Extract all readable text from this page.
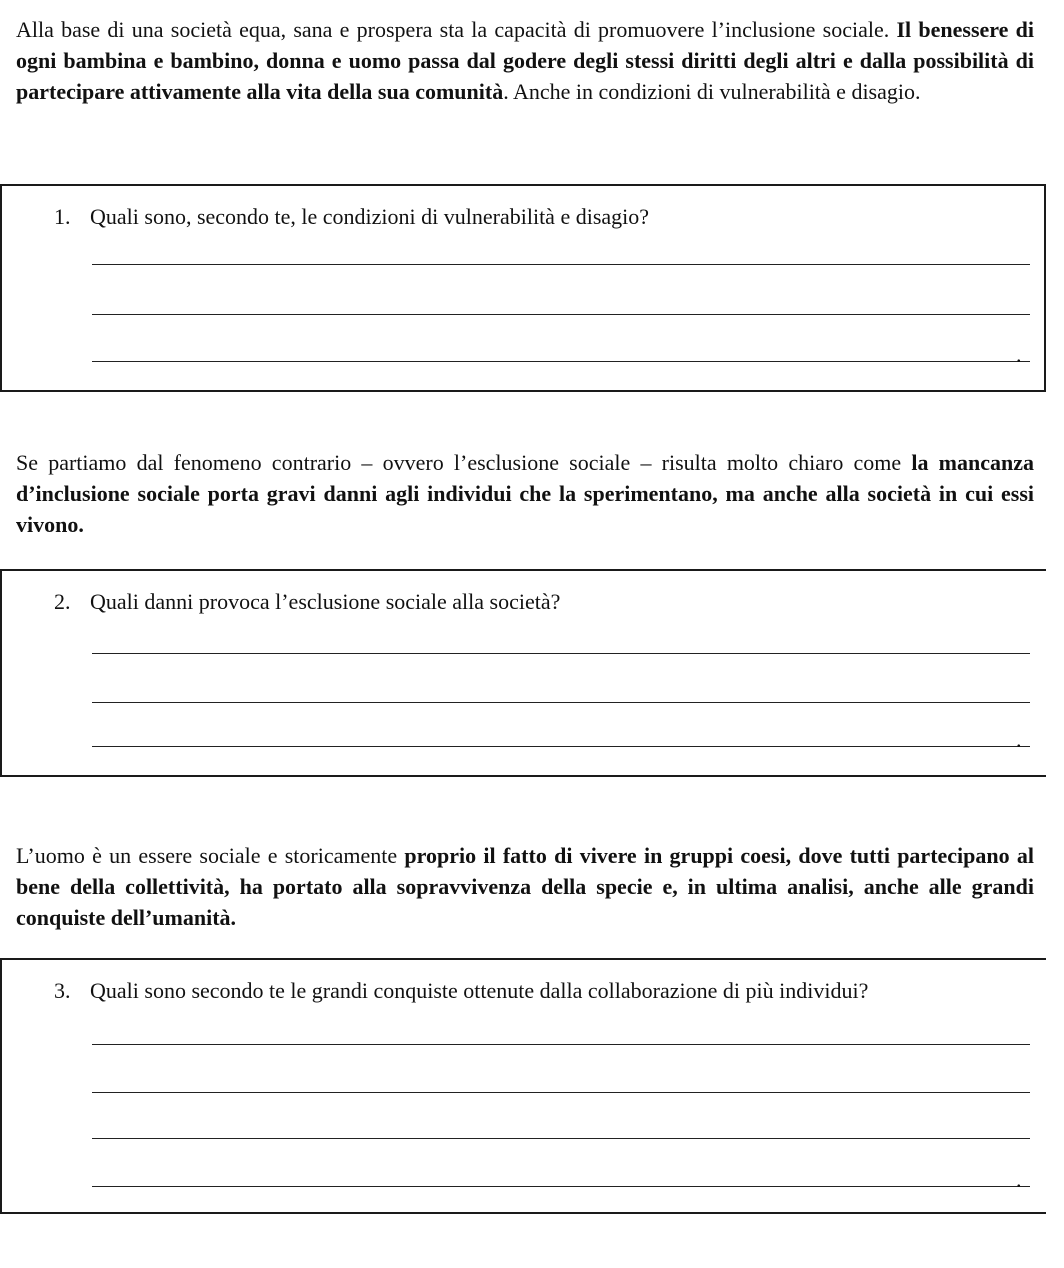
Alla base di una società equa, sana e prospera sta la capacità di promuovere l’inclusione sociale. Il benessere di ogni bambina e bambino, donna e uomo passa dal godere degli stessi diritti degli altri e dalla possibilità di partecipare attivamente alla vita della sua comunità. Anche in condizioni di vulnerabilità e disagio.

1. Quali sono, secondo te, le condizioni di vulnerabilità e disagio?
.

Se partiamo dal fenomeno contrario – ovvero l’esclusione sociale – risulta molto chiaro come la mancanza d’inclusione sociale porta gravi danni agli individui che la sperimentano, ma anche alla società in cui essi vivono.

2. Quali danni provoca l’esclusione sociale alla società?
.

L’uomo è un essere sociale e storicamente proprio il fatto di vivere in gruppi coesi, dove tutti partecipano al bene della collettività, ha portato alla sopravvivenza della specie e, in ultima analisi, anche alle grandi conquiste dell’umanità.

3. Quali sono secondo te le grandi conquiste ottenute dalla collaborazione di più individui?
.
